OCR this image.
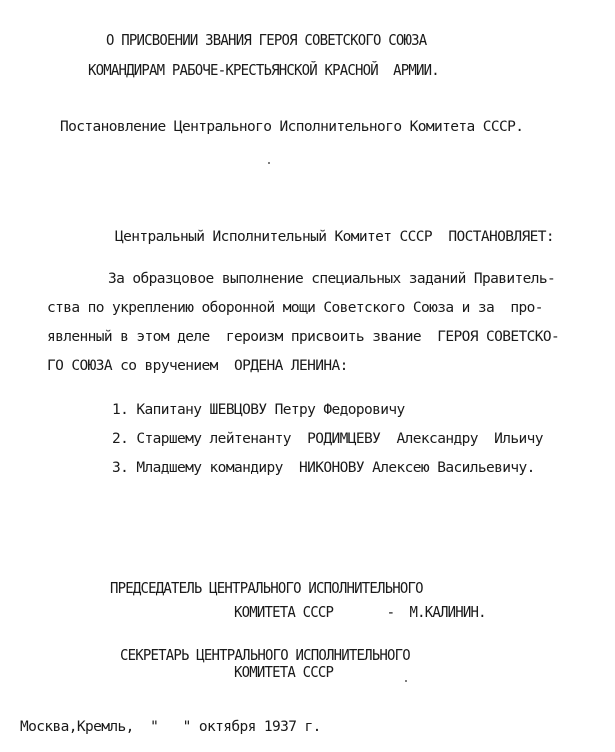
О ПРИСВОЕНИИ ЗВАНИЯ ГЕРОЯ СОВЕТСКОГО СОЮЗА
КОМАНДИРАМ РАБОЧЕ-КРЕСТЬЯНСКОЙ КРАСНОЙ  АРМИИ.
Постановление Центрального Исполнительного Комитета СССР.
Центральный Исполнительный Комитет СССР  ПОСТАНОВЛЯЕТ:
За образцовое выполнение специальных заданий Правитель-
ства по укреплению оборонной мощи Советского Союза и за  про-
явленный в этом деле  героизм присвоить звание  ГЕРОЯ СОВЕТСКО-
ГО СОЮЗА со вручением  ОРДЕНА ЛЕНИНА:
1. Капитану ШЕВЦОВУ Петру Федоровичу
2. Старшему лейтенанту  РОДИМЦЕВУ  Александру  Ильичу
3. Младшему командиру  НИКОНОВУ Алексею Васильевичу.
ПРЕДСЕДАТЕЛЬ ЦЕНТРАЛЬНОГО ИСПОЛНИТЕЛЬНОГО
КОМИТЕТА СССР       -  М.КАЛИНИН.
СЕКРЕТАРЬ ЦЕНТРАЛЬНОГО ИСПОЛНИТЕЛЬНОГО
КОМИТЕТА СССР
Москва,Кремль,  "   " октября 1937 г.
